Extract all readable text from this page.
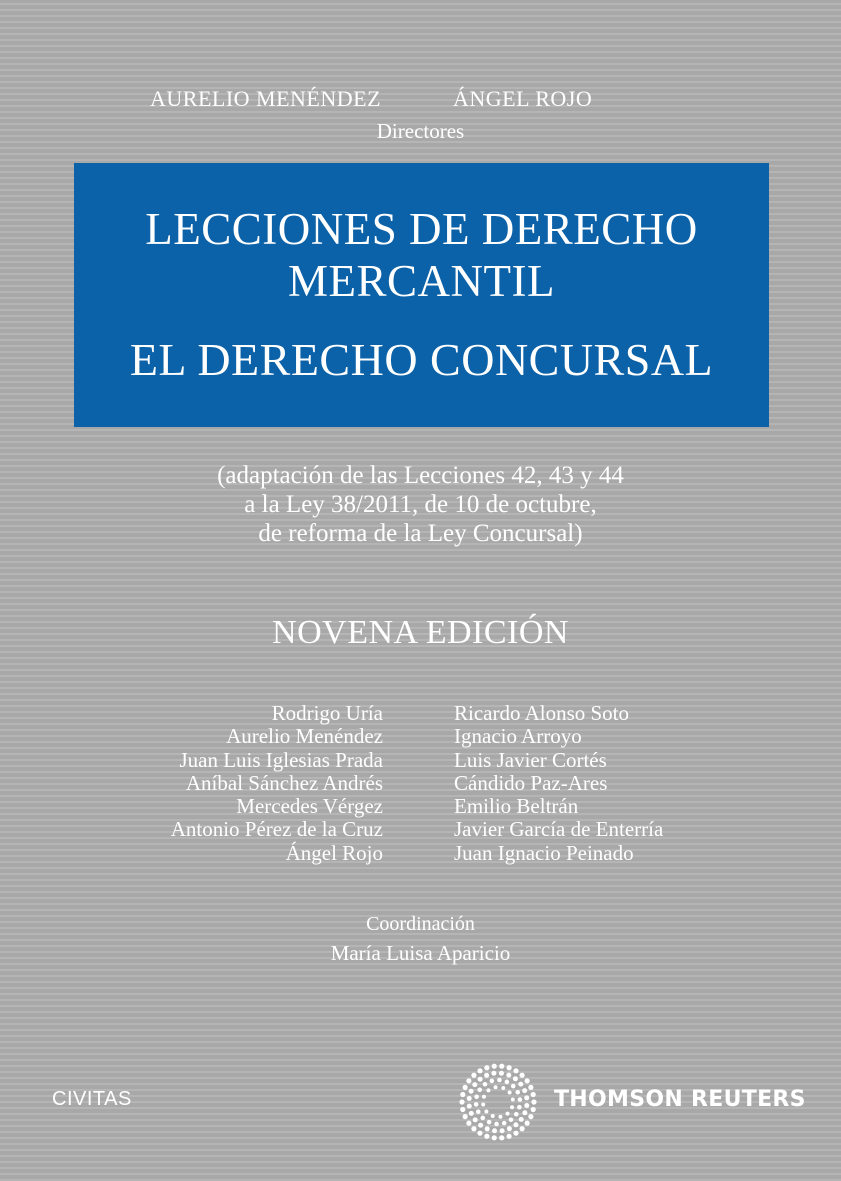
AURELIO MENÉNDEZ	ÁNGEL ROJO
Directores
LECCIONES DE DERECHO
MERCANTIL
EL DERECHO CONCURSAL
(adaptación de las Lecciones 42, 43 y 44
a la Ley 38/2011, de 10 de octubre,
de reforma de la Ley Concursal)
NOVENA EDICIÓN
Rodrigo Uría
Aurelio Menéndez
Juan Luis Iglesias Prada
Aníbal Sánchez Andrés
Mercedes Vérgez
Antonio Pérez de la Cruz
Ángel Rojo
Ricardo Alonso Soto
Ignacio Arroyo
Luis Javier Cortés
Cándido Paz-Ares
Emilio Beltrán
Javier García de Enterría
Juan Ignacio Peinado
Coordinación
María Luisa Aparicio
CIVITAS	THOMSON REUTERS
